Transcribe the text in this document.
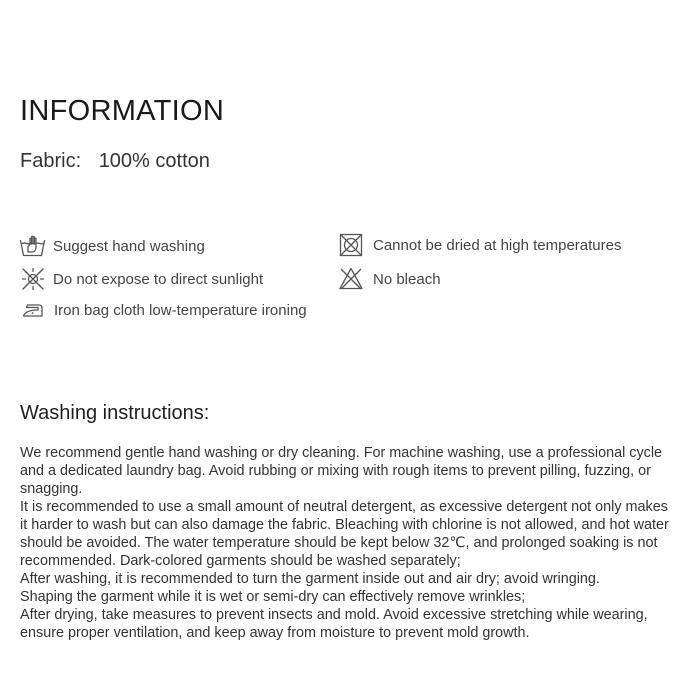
INFORMATION
Fabric: 100% cotton
Suggest hand washing
Do not expose to direct sunlight
Iron bag cloth low-temperature ironing
Cannot be dried at high temperatures
No bleach
Washing instructions:

We recommend gentle hand washing or dry cleaning. For machine washing, use a professional cycle and a dedicated laundry bag. Avoid rubbing or mixing with rough items to prevent pilling, fuzzing, or snagging.

It is recommended to use a small amount of neutral detergent, as excessive detergent not only makes it harder to wash but can also damage the fabric. Bleaching with chlorine is not allowed, and hot water should be avoided. The water temperature should be kept below 32℃, and prolonged soaking is not recommended. Dark-colored garments should be washed separately;

After washing, it is recommended to turn the garment inside out and air dry; avoid wringing.

Shaping the garment while it is wet or semi-dry can effectively remove wrinkles;

After drying, take measures to prevent insects and mold. Avoid excessive stretching while wearing, ensure proper ventilation, and keep away from moisture to prevent mold growth.
